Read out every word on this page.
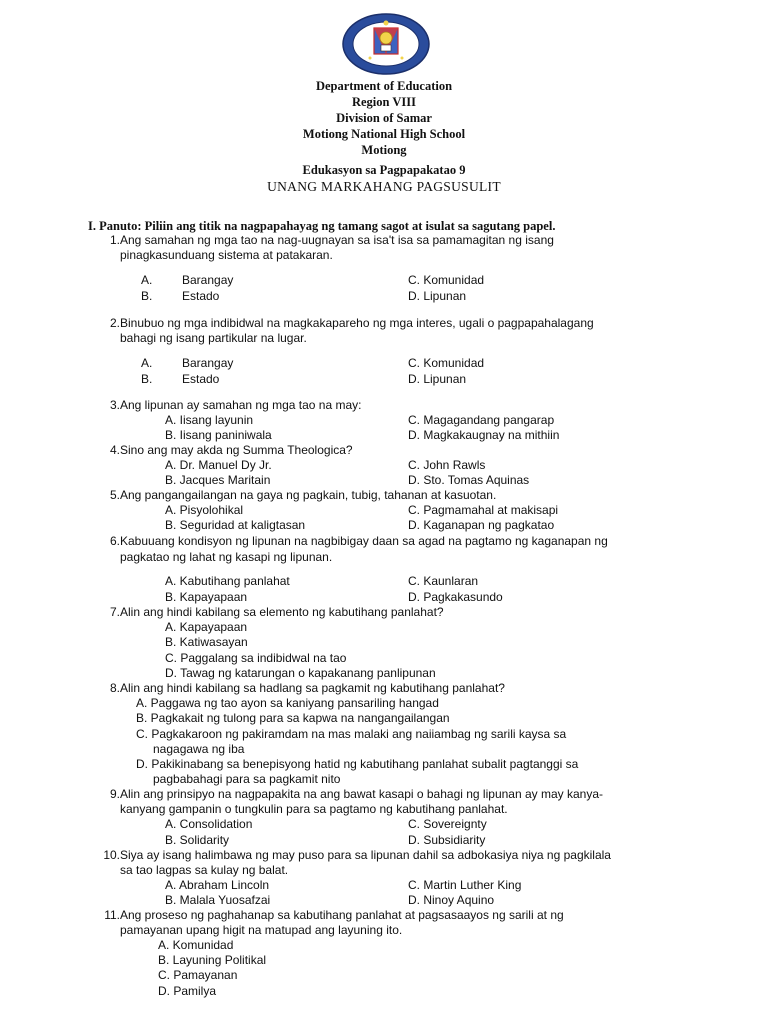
Department of Education
Region VIII
Division of Samar
Motiong National High School
Motiong
Edukasyon sa Pagpapakatao 9
UNANG MARKAHANG PAGSUSULIT
I. Panuto: Piliin ang titik na nagpapahayag ng tamang sagot at isulat sa sagutang papel.
1. Ang samahan ng mga tao na nag-uugnayan sa isa't isa sa pamamagitan ng isang
pinagkasunduang sistema at patakaran.
A. Barangay
B. Estado
C. Komunidad
D. Lipunan
2. Binubuo ng mga indibidwal na magkakapareho ng mga interes, ugali o pagpapahalagang
bahagi ng isang partikular na lugar.
A. Barangay
B. Estado
C. Komunidad
D. Lipunan
3. Ang lipunan ay samahan ng mga tao na may:
A. Iisang layunin
B. Iisang paniniwala
C. Magagandang pangarap
D. Magkakaugnay na mithiin
4. Sino ang may akda ng Summa Theologica?
A. Dr. Manuel Dy Jr.
B. Jacques Maritain
C. John Rawls
D. Sto. Tomas Aquinas
5. Ang pangangailangan na gaya ng pagkain, tubig, tahanan at kasuotan.
A. Pisyolohikal
B. Seguridad at kaligtasan
C. Pagmamahal at makisapi
D. Kaganapan ng pagkatao
6. Kabuuang kondisyon ng lipunan na nagbibigay daan sa agad na pagtamo ng kaganapan ng
pagkatao ng lahat ng kasapi ng lipunan.
A. Kabutihang panlahat
B. Kapayapaan
C. Kaunlaran
D. Pagkakasundo
7. Alin ang hindi kabilang sa elemento ng kabutihang panlahat?
A. Kapayapaan
B. Katiwasayan
C. Paggalang sa indibidwal na tao
D. Tawag ng katarungan o kapakanang panlipunan
8. Alin ang hindi kabilang sa hadlang sa pagkamit ng kabutihang panlahat?
A. Paggawa ng tao ayon sa kaniyang pansariling hangad
B. Pagkakait ng tulong para sa kapwa na nangangailangan
C. Pagkakaroon ng pakiramdam na mas malaki ang naiiambag ng sarili kaysa sa
nagagawa ng iba
D. Pakikinabang sa benepisyong hatid ng kabutihang panlahat subalit pagtanggi sa
pagbabahagi para sa pagkamit nito
9. Alin ang prinsipyo na nagpapakita na ang bawat kasapi o bahagi ng lipunan ay may kanya-
kanyang gampanin o tungkulin para sa pagtamo ng kabutihang panlahat.
A. Consolidation
B. Solidarity
C. Sovereignty
D. Subsidiarity
10. Siya ay isang halimbawa ng may puso para sa lipunan dahil sa adbokasiya niya ng pagkilala
sa tao lagpas sa kulay ng balat.
A. Abraham Lincoln
B. Malala Yuosafzai
C. Martin Luther King
D. Ninoy Aquino
11. Ang proseso ng paghahanap sa kabutihang panlahat at pagsasaayos ng sarili at ng
pamayanan upang higit na matupad ang layuning ito.
A. Komunidad
B. Layuning Politikal
C. Pamayanan
D. Pamilya
